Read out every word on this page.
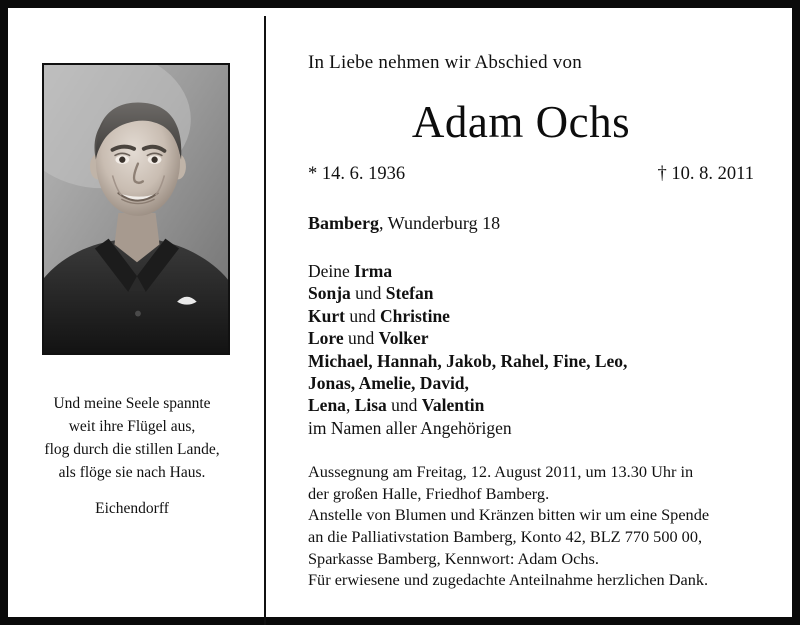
Und meine Seele spannte
weit ihre Flügel aus,
flog durch die stillen Lande,
als flöge sie nach Haus.
Eichendorff
In Liebe nehmen wir Abschied von
Adam Ochs
* 14. 6. 1936	† 10. 8. 2011
Bamberg, Wunderburg 18
Deine Irma
Sonja und Stefan
Kurt und Christine
Lore und Volker
Michael, Hannah, Jakob, Rahel, Fine, Leo,
Jonas, Amelie, David,
Lena, Lisa und Valentin
im Namen aller Angehörigen
Aussegnung am Freitag, 12. August 2011, um 13.30 Uhr in
der großen Halle, Friedhof Bamberg.
Anstelle von Blumen und Kränzen bitten wir um eine Spende
an die Palliativstation Bamberg, Konto 42, BLZ 770 500 00,
Sparkasse Bamberg, Kennwort: Adam Ochs.
Für erwiesene und zugedachte Anteilnahme herzlichen Dank.
